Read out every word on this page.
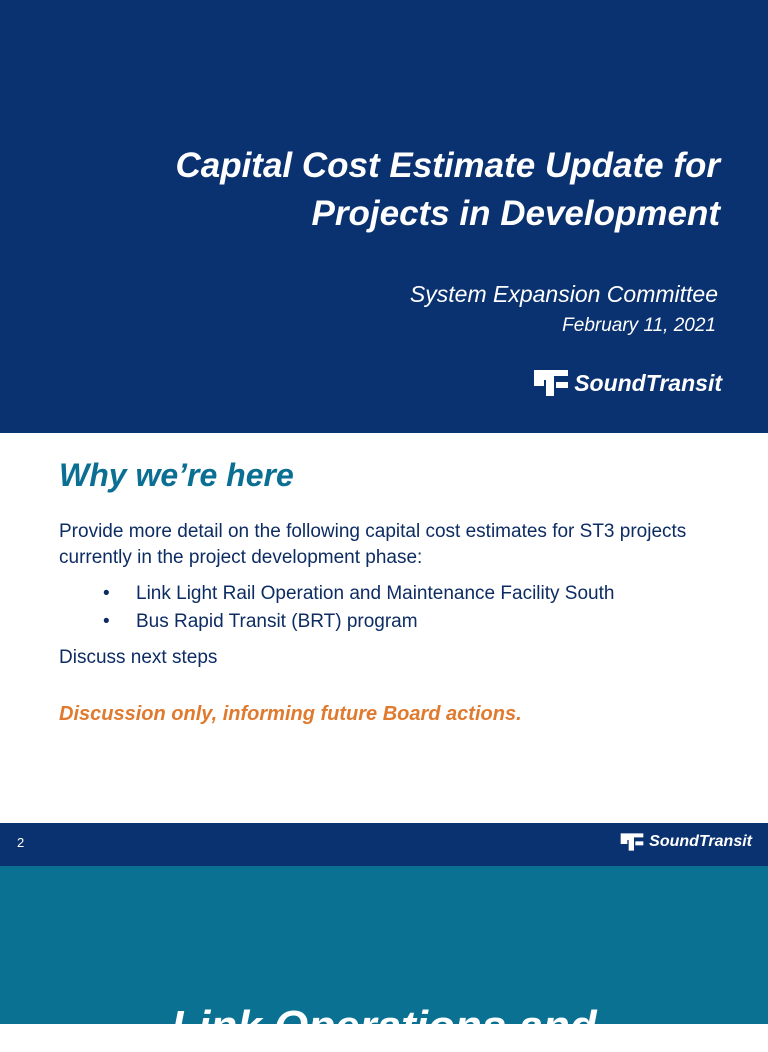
Capital Cost Estimate Update for
Projects in Development
System Expansion Committee
February 11, 2021
SoundTransit
Why we’re here
Provide more detail on the following capital cost estimates for ST3 projects currently in the project development phase:
• Link Light Rail Operation and Maintenance Facility South
• Bus Rapid Transit (BRT) program
Discuss next steps
Discussion only, informing future Board actions.
2	SoundTransit
Link Operations and
